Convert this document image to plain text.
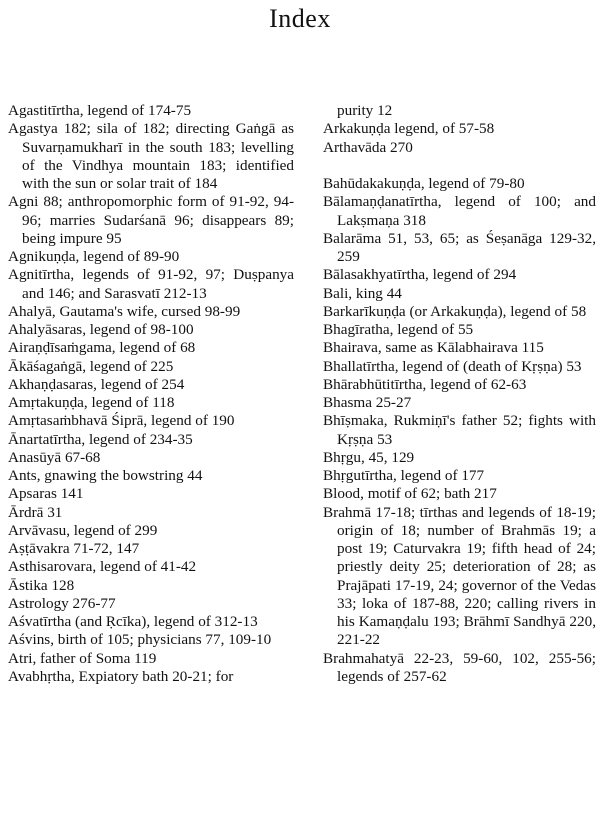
Index
Agastitīrtha, legend of 174-75
Agastya 182; sila of 182; directing Gaṅgā as Suvarṇamukharī in the south 183; levelling of the Vindhya mountain 183; identified with the sun or solar trait of 184
Agni 88; anthropomorphic form of 91-92, 94-96; marries Sudarśanā 96; disappears 89; being impure 95
Agnikuṇḍa, legend of 89-90
Agnitīrtha, legends of 91-92, 97; Duṣpanya and 146; and Sarasvatī 212-13
Ahalyā, Gautama's wife, cursed 98-99
Ahalyāsaras, legend of 98-100
Airaṇḍīsaṁgama, legend of 68
Ākāśagaṅgā, legend of 225
Akhaṇḍasaras, legend of 254
Amṛtakuṇḍa, legend of 118
Amṛtasaṁbhavā Śiprā, legend of 190
Ānartatīrtha, legend of 234-35
Anasūyā 67-68
Ants, gnawing the bowstring 44
Apsaras 141
Ārdrā 31
Arvāvasu, legend of 299
Aṣṭāvakra 71-72, 147
Asthisarovara, legend of 41-42
Āstika 128
Astrology 276-77
Aśvatīrtha (and Ṛcīka), legend of 312-13
Aśvins, birth of 105; physicians 77, 109-10
Atri, father of Soma 119
Avabhṛtha, Expiatory bath 20-21; for
purity 12
Arkakuṇḍa legend, of 57-58
Arthavāda 270
Bahūdakakuṇḍa, legend of 79-80
Bālamaṇḍanatīrtha, legend of 100; and Lakṣmaṇa 318
Balarāma 51, 53, 65; as Śeṣanāga 129-32, 259
Bālasakhyatīrtha, legend of 294
Bali, king 44
Barkarīkuṇḍa (or Arkakuṇḍa), legend of 58
Bhagīratha, legend of 55
Bhairava, same as Kālabhairava 115
Bhallatīrtha, legend of (death of Kṛṣṇa) 53
Bhārabhūtitīrtha, legend of 62-63
Bhasma 25-27
Bhīṣmaka, Rukmiṇī's father 52; fights with Kṛṣṇa 53
Bhṛgu, 45, 129
Bhṛgutīrtha, legend of 177
Blood, motif of 62; bath 217
Brahmā 17-18; tīrthas and legends of 18-19; origin of 18; number of Brahmās 19; a post 19; Caturvakra 19; fifth head of 24; priestly deity 25; deterioration of 28; as Prajāpati 17-19, 24; governor of the Vedas 33; loka of 187-88, 220; calling rivers in his Kamaṇḍalu 193; Brāhmī Sandhyā 220, 221-22
Brahmahatyā 22-23, 59-60, 102, 255-56; legends of 257-62
